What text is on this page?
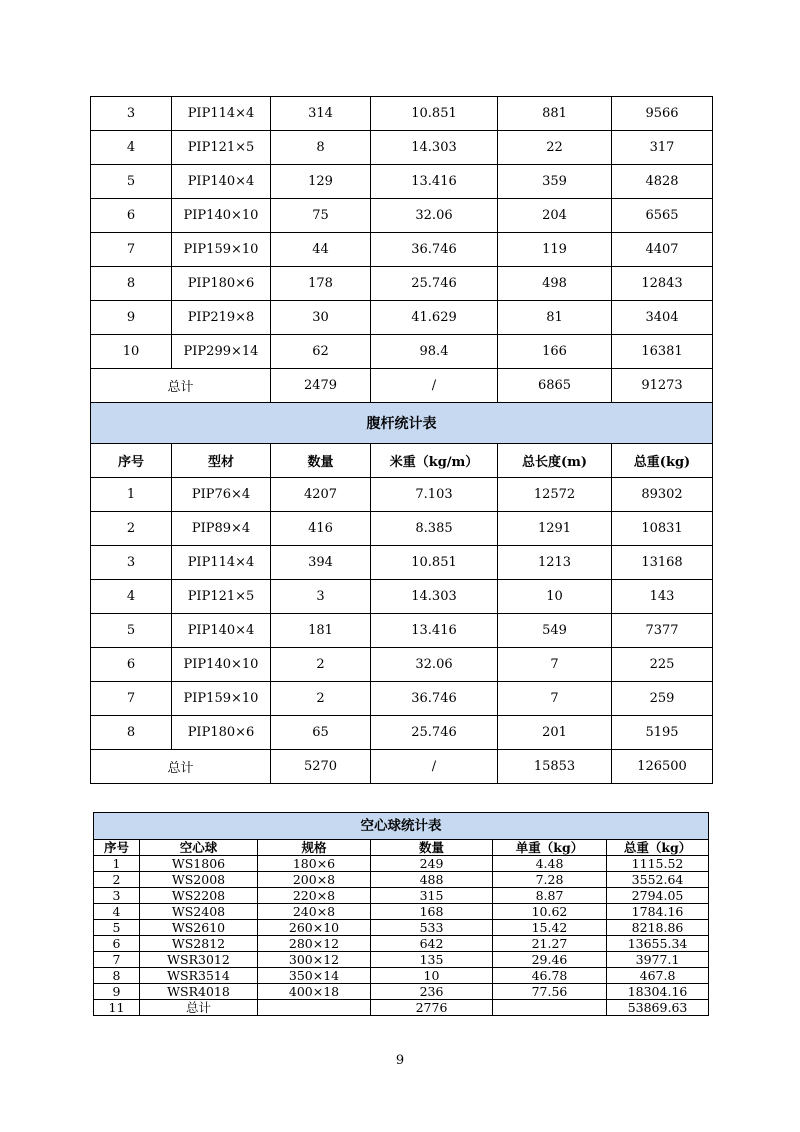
3	PIP114×4	314	10.851	881	9566
4	PIP121×5	8	14.303	22	317
5	PIP140×4	129	13.416	359	4828
6	PIP140×10	75	32.06	204	6565
7	PIP159×10	44	36.746	119	4407
8	PIP180×6	178	25.746	498	12843
9	PIP219×8	30	41.629	81	3404
10	PIP299×14	62	98.4	166	16381
总计		2479	/	6865	91273
腹杆统计表					
序号	型材	数量	米重（kg/m）	总长度(m)	总重(kg)
1	PIP76×4	4207	7.103	12572	89302
2	PIP89×4	416	8.385	1291	10831
3	PIP114×4	394	10.851	1213	13168
4	PIP121×5	3	14.303	10	143
5	PIP140×4	181	13.416	549	7377
6	PIP140×10	2	32.06	7	225
7	PIP159×10	2	36.746	7	259
8	PIP180×6	65	25.746	201	5195
总计		5270	/	15853	126500
空心球统计表					
序号	空心球	规格	数量	单重（kg）	总重（kg）
1	WS1806	180×6	249	4.48	1115.52
2	WS2008	200×8	488	7.28	3552.64
3	WS2208	220×8	315	8.87	2794.05
4	WS2408	240×8	168	10.62	1784.16
5	WS2610	260×10	533	15.42	8218.86
6	WS2812	280×12	642	21.27	13655.34
7	WSR3012	300×12	135	29.46	3977.1
8	WSR3514	350×14	10	46.78	467.8
9	WSR4018	400×18	236	77.56	18304.16
11	总计		2776		53869.63
9
